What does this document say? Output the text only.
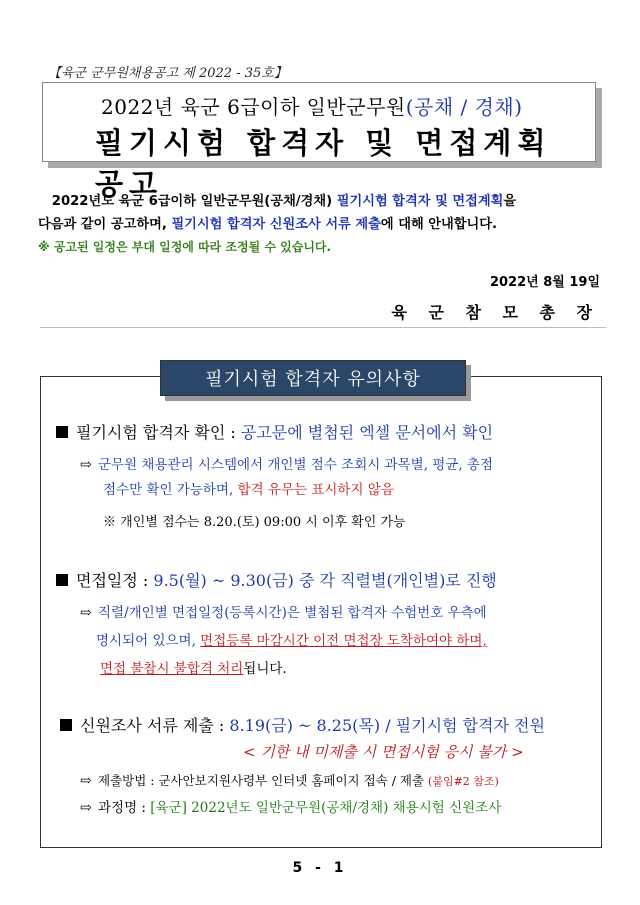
【육군 군무원채용공고 제 2022 - 35호】
2022년 육군 6급이하 일반군무원(공채 / 경채)
필기시험 합격자 및 면접계획 공고
2022년도 육군 6급이하 일반군무원(공채/경채) 필기시험 합격자 및 면접계획을
다음과 같이 공고하며, 필기시험 합격자 신원조사 서류 제출에 대해 안내합니다.
※ 공고된 일정은 부대 일정에 따라 조정될 수 있습니다.
2022년 8월 19일
육 군 참 모 총 장
필기시험 합격자 유의사항
필기시험 합격자 확인 : 공고문에 별첨된 엑셀 문서에서 확인
⇨ 군무원 채용관리 시스템에서 개인별 점수 조회시 과목별, 평균, 총점
점수만 확인 가능하며, 합격 유무는 표시하지 않음
※ 개인별 점수는 8.20.(토) 09:00 시 이후 확인 가능
면접일정 : 9.5(월) ~ 9.30(금) 중 각 직렬별(개인별)로 진행
⇨ 직렬/개인별 면접일정(등록시간)은 별첨된 합격자 수험번호 우측에
명시되어 있으며, 면접등록 마감시간 이전 면접장 도착하여야 하며,
면접 불참시 불합격 처리됩니다.
신원조사 서류 제출 : 8.19(금) ~ 8.25(목) / 필기시험 합격자 전원
< 기한 내 미제출 시 면접시험 응시 불가 >
⇨ 제출방법 : 군사안보지원사령부 인터넷 홈페이지 접속 / 제출 (붙임#2 참조)
⇨ 과정명 : [육군] 2022년도 일반군무원(공채/경채) 채용시험 신원조사
5 - 1
